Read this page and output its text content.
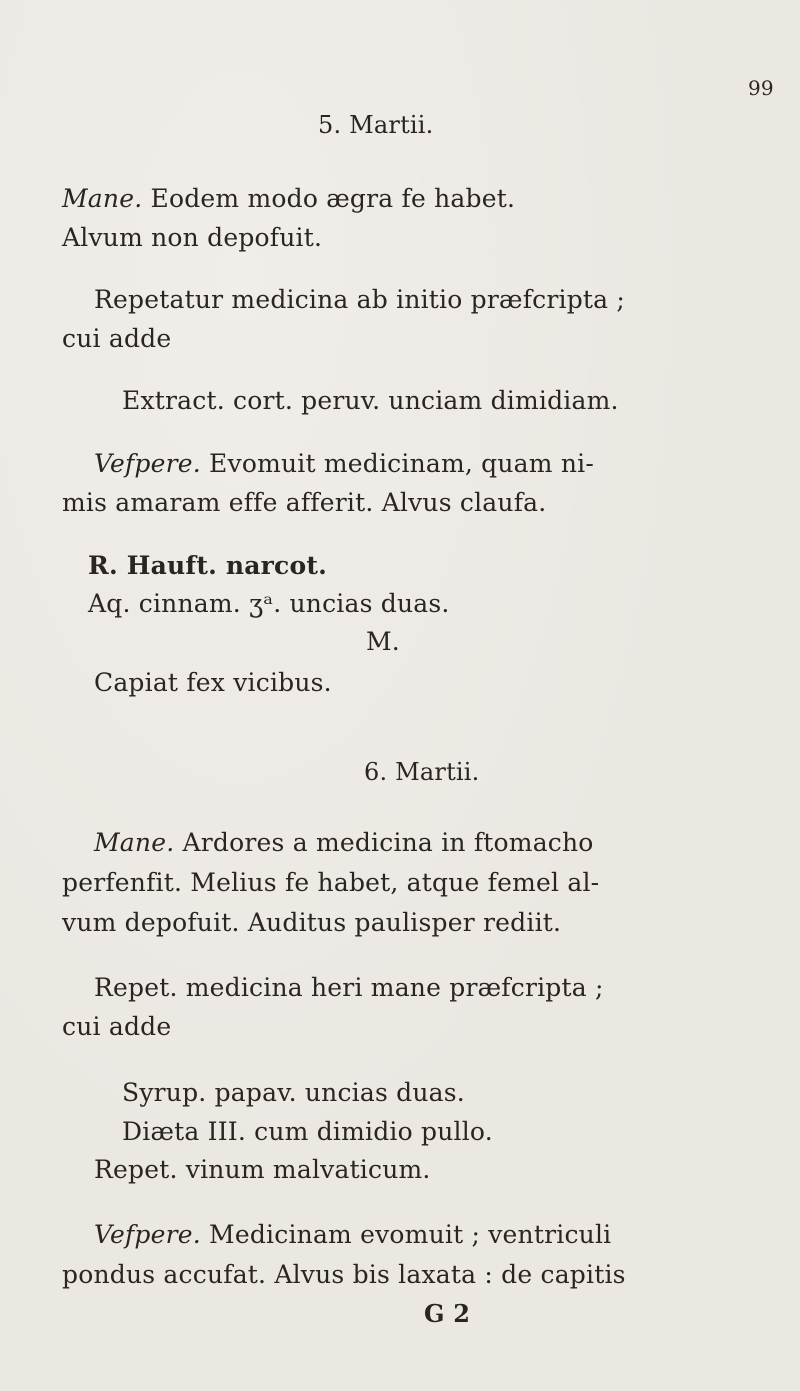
99
5. Martii.
Mane. Eodem modo ægra fe habet.
Alvum non depofuit.
Repetatur medicina ab initio præfcripta ;
cui adde
Extract. cort. peruv. unciam dimidiam.
Vefpere. Evomuit medicinam, quam ni-
mis amaram effe afferit. Alvus claufa.
R. Hauft. narcot.
Aq. cinnam. ʒᵃ. uncias duas.
M.
Capiat fex vicibus.
6. Martii.
Mane. Ardores a medicina in ftomacho
perfenfit. Melius fe habet, atque femel al-
vum depofuit. Auditus paulisper rediit.
Repet. medicina heri mane præfcripta ;
cui adde
Syrup. papav. uncias duas.
Diæta III. cum dimidio pullo.
Repet. vinum malvaticum.
Vefpere. Medicinam evomuit ; ventriculi
pondus accufat. Alvus bis laxata : de capitis
G 2
